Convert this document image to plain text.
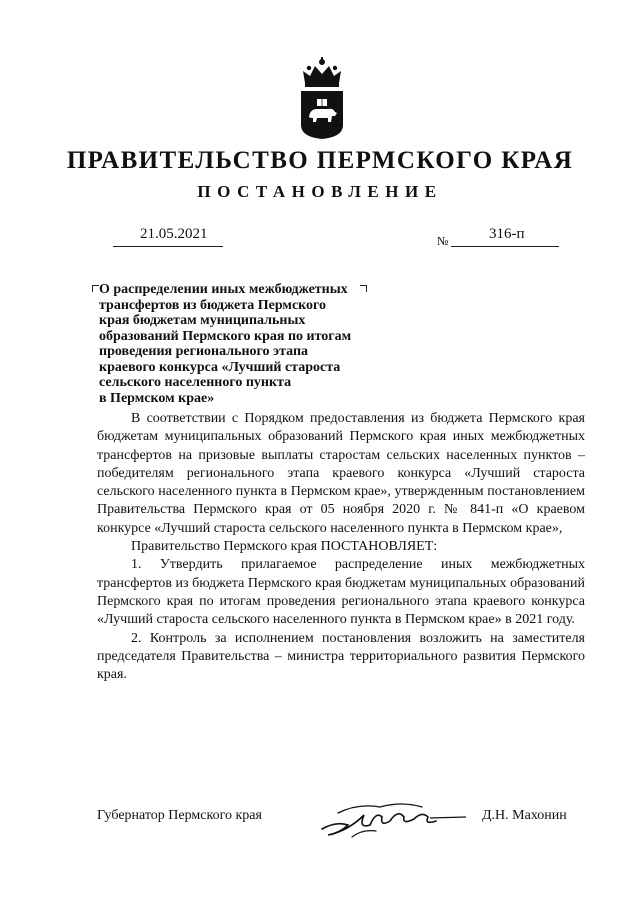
ПРАВИТЕЛЬСТВО ПЕРМСКОГО КРАЯ
ПОСТАНОВЛЕНИЕ
21.05.2021	№	316-п
О распределении иных межбюджетных
трансфертов из бюджета Пермского
края бюджетам муниципальных
образований Пермского края по итогам
проведения регионального этапа
краевого конкурса «Лучший староста
сельского населенного пункта
в Пермском крае»

В соответствии с Порядком предоставления из бюджета Пермского края бюджетам муниципальных образований Пермского края иных межбюджетных трансфертов на призовые выплаты старостам сельских населенных пунктов – победителям регионального этапа краевого конкурса «Лучший староста сельского населенного пункта в Пермском крае», утвержденным постановлением Правительства Пермского края от 05 ноября 2020 г. № 841-п «О краевом конкурсе «Лучший староста сельского населенного пункта в Пермском крае»,

Правительство Пермского края ПОСТАНОВЛЯЕТ:

1. Утвердить прилагаемое распределение иных межбюджетных трансфертов из бюджета Пермского края бюджетам муниципальных образований Пермского края по итогам проведения регионального этапа краевого конкурса «Лучший староста сельского населенного пункта в Пермском крае» в 2021 году.

2. Контроль за исполнением постановления возложить на заместителя председателя Правительства – министра территориального развития Пермского края.

Губернатор Пермского края	Д.Н. Махонин
